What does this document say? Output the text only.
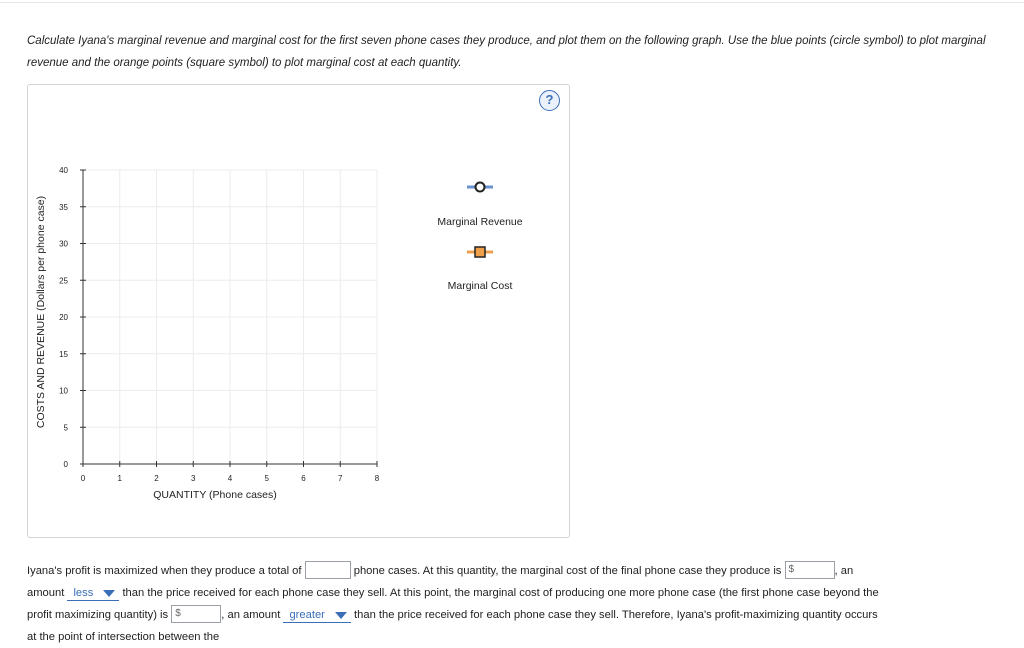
Calculate Iyana's marginal revenue and marginal cost for the first seven phone cases they produce, and plot them on the following graph. Use the blue points (circle symbol) to plot marginal revenue and the orange points (square symbol) to plot marginal cost at each quantity.
?
0	1	2	3	4	5	6	7	8
0
5
10
15
20
25
30
35
40
QUANTITY (Phone cases)
COSTS AND REVENUE (Dollars per phone case)	Marginal Revenue
Marginal Cost
Iyana's profit is maximized when they produce a total of	phone cases. At this quantity, the marginal cost of the final phone case they produce is $	, an amount less	than the price received for each phone case they sell. At this point, the marginal cost of producing one more phone case (the first phone case beyond the profit maximizing quantity) is $	, an amount greater	than the price received for each phone case they sell. Therefore, Iyana's profit-maximizing quantity occurs at the point of intersection between the
